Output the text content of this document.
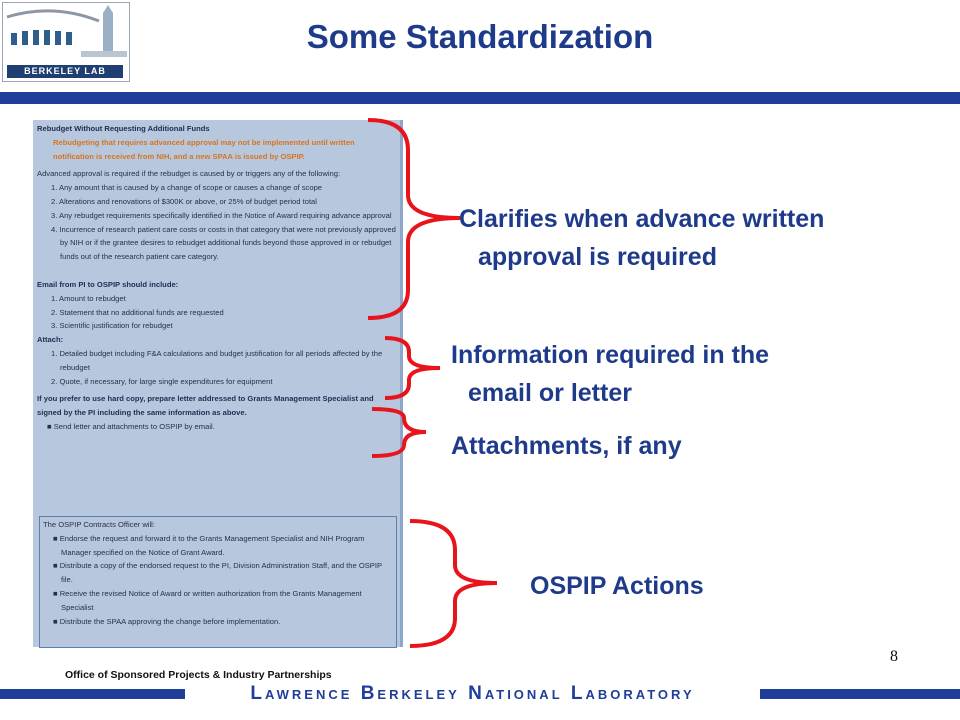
BERKELEY LAB
Some Standardization
Rebudget Without Requesting Additional Funds
Rebudgeting that requires advanced approval may not be implemented until written notification is received from NIH, and a new SPAA is issued by OSPIP.
Advanced approval is required if the rebudget is caused by or triggers any of the following:
1. Any amount that is caused by a change of scope or causes a change of scope
2. Alterations and renovations of $300K or above, or 25% of budget period total
3. Any rebudget requirements specifically identified in the Notice of Award requiring advance approval
4. Incurrence of research patient care costs or costs in that category that were not previously approved by NIH or if the grantee desires to rebudget additional funds beyond those approved in or rebudget funds out of the research patient care category.
Email from PI to OSPIP should include:
1. Amount to rebudget
2. Statement that no additional funds are requested
3. Scientific justification for rebudget
Attach:
1. Detailed budget including F&A calculations and budget justification for all periods affected by the rebudget
2. Quote, if necessary, for large single expenditures for equipment
If you prefer to use hard copy, prepare letter addressed to Grants Management Specialist and signed by the PI including the same information as above.
■ Send letter and attachments to OSPIP by email.
The OSPIP Contracts Officer will:
■ Endorse the request and forward it to the Grants Management Specialist and NIH Program Manager specified on the Notice of Grant Award.
■ Distribute a copy of the endorsed request to the PI, Division Administration Staff, and the OSPIP file.
■ Receive the revised Notice of Award or written authorization from the Grants Management Specialist
■ Distribute the SPAA approving the change before implementation.
Clarifies when advance written
approval is required
Information required in the
email or letter
Attachments, if any
OSPIP Actions
8
Office of Sponsored Projects & Industry Partnerships
Lawrence Berkeley National Laboratory
